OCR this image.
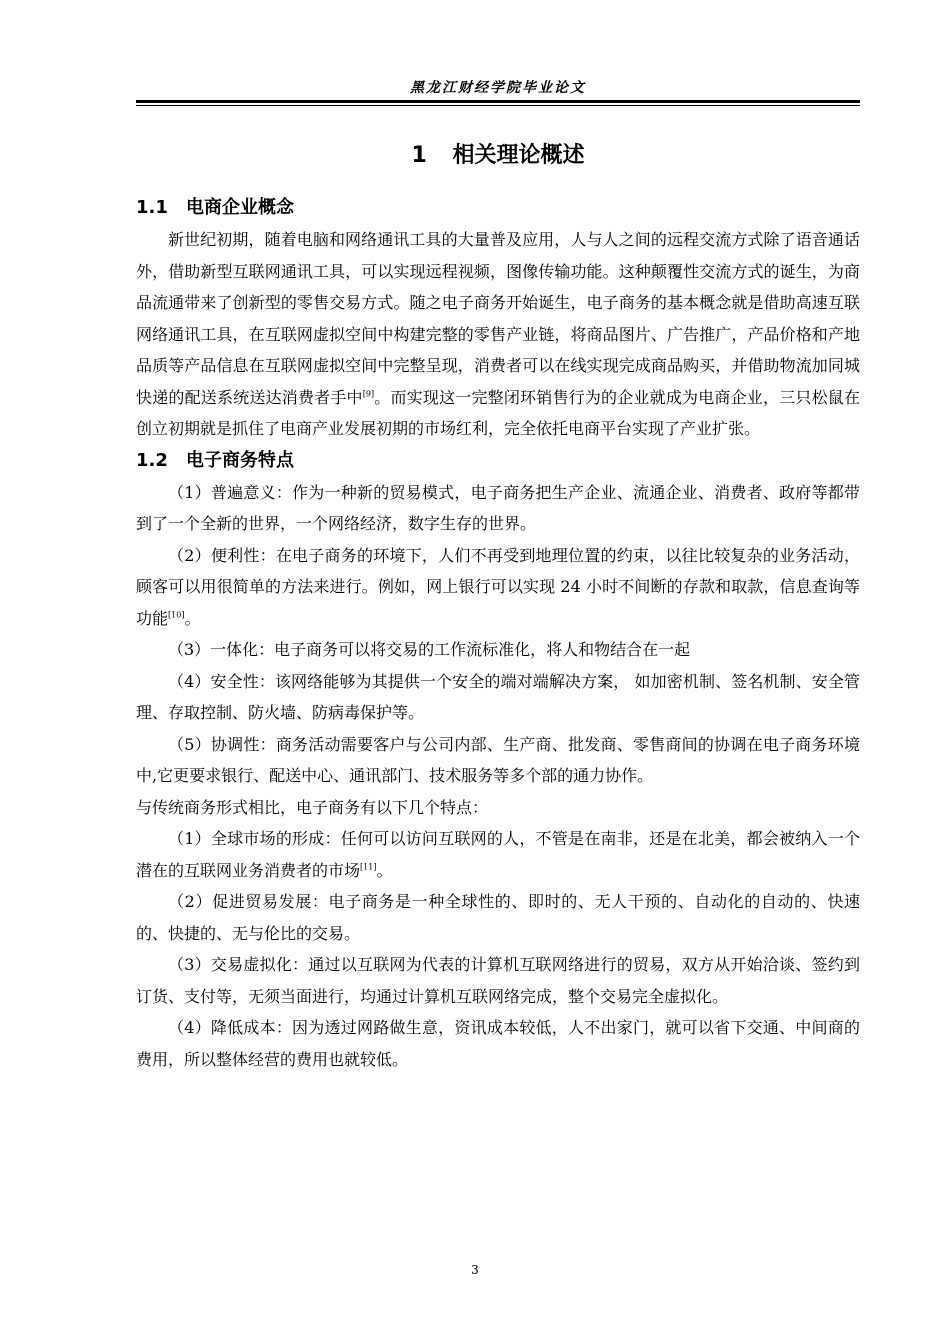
黑龙江财经学院毕业论文
1 相关理论概述
1.1 电商企业概念

新世纪初期，随着电脑和网络通讯工具的大量普及应用，人与人之间的远程交流方式除了语音通话外，借助新型互联网通讯工具，可以实现远程视频，图像传输功能。这种颠覆性交流方式的诞生，为商品流通带来了创新型的零售交易方式。随之电子商务开始诞生，电子商务的基本概念就是借助高速互联网络通讯工具，在互联网虚拟空间中构建完整的零售产业链，将商品图片、广告推广，产品价格和产地品质等产品信息在互联网虚拟空间中完整呈现，消费者可以在线实现完成商品购买，并借助物流加同城快递的配送系统送达消费者手中[9]。而实现这一完整闭环销售行为的企业就成为电商企业，三只松鼠在创立初期就是抓住了电商产业发展初期的市场红利，完全依托电商平台实现了产业扩张。

1.2 电子商务特点

（1）普遍意义：作为一种新的贸易模式，电子商务把生产企业、流通企业、消费者、政府等都带到了一个全新的世界，一个网络经济，数字生存的世界。

（2）便利性：在电子商务的环境下，人们不再受到地理位置的约束，以往比较复杂的业务活动，顾客可以用很简单的方法来进行。例如，网上银行可以实现 24 小时不间断的存款和取款，信息查询等功能[10]。

（3）一体化：电子商务可以将交易的工作流标准化，将人和物结合在一起

（4）安全性：该网络能够为其提供一个安全的端对端解决方案， 如加密机制、签名机制、安全管理、存取控制、防火墙、防病毒保护等。

（5）协调性：商务活动需要客户与公司内部、生产商、批发商、零售商间的协调在电子商务环境中,它更要求银行、配送中心、通讯部门、技术服务等多个部的通力协作。

与传统商务形式相比，电子商务有以下几个特点：

（1）全球市场的形成：任何可以访问互联网的人，不管是在南非，还是在北美，都会被纳入一个潜在的互联网业务消费者的市场[11]。

（2）促进贸易发展：电子商务是一种全球性的、即时的、无人干预的、自动化的自动的、快速的、快捷的、无与伦比的交易。

（3）交易虚拟化：通过以互联网为代表的计算机互联网络进行的贸易，双方从开始洽谈、签约到订货、支付等，无须当面进行，均通过计算机互联网络完成，整个交易完全虚拟化。

（4）降低成本：因为透过网路做生意，资讯成本较低，人不出家门，就可以省下交通、中间商的费用，所以整体经营的费用也就较低。

3
